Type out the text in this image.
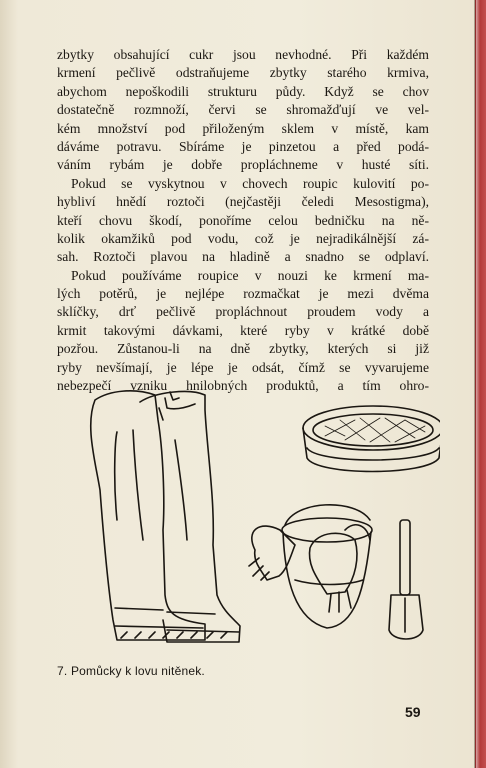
zbytky obsahující cukr jsou nevhodné. Při každém
krmení pečlivě odstraňujeme zbytky starého krmiva,
abychom nepoškodili strukturu půdy. Když se chov
dostatečně rozmnoží, červi se shromažďují ve vel-
kém množství pod přiloženým sklem v místě, kam
dáváme potravu. Sbíráme je pinzetou a před podá-
váním rybám je dobře propláchneme v husté síti.
Pokud se vyskytnou v chovech roupic kulovití po-
hybliví hnědí roztoči (nejčastěji čeledi Mesostigma),
kteří chovu škodí, ponoříme celou bedničku na ně-
kolik okamžiků pod vodu, což je nejradikálnější zá-
sah. Roztoči plavou na hladině a snadno se odplaví.
Pokud používáme roupice v nouzi ke krmení ma-
lých potěrů, je nejlépe rozmačkat je mezi dvěma
sklíčky, drť pečlivě propláchnout proudem vody a
krmit takovými dávkami, které ryby v krátké době
pozřou. Zůstanou-li na dně zbytky, kterých si již
ryby nevšímají, je lépe je odsát, čímž se vyvarujeme
nebezpečí vzniku hnilobných produktů, a tím ohro-
7. Pomůcky k lovu nitěnek.
59
